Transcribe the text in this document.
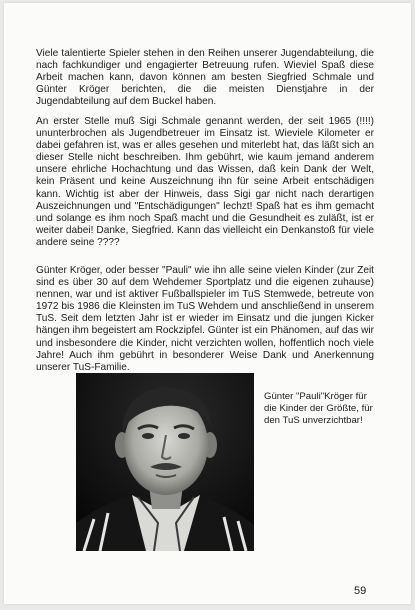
Viele talentierte Spieler stehen in den Reihen unserer Jugendabteilung, die nach fachkundiger und engagierter Betreuung rufen. Wieviel Spaß diese Arbeit machen kann, davon können am besten Siegfried Schmale und Günter Kröger berichten, die die meisten Dienstjahre in der Jugendabteilung auf dem Buckel haben.

An erster Stelle muß Sigi Schmale genannt werden, der seit 1965 (!!!!) ununterbrochen als Jugendbetreuer im Einsatz ist. Wieviele Kilometer er dabei gefahren ist, was er alles gesehen und miterlebt hat, das läßt sich an dieser Stelle nicht beschreiben. Ihm gebührt, wie kaum jemand anderem unsere ehrliche Hochachtung und das Wissen, daß kein Dank der Welt, kein Präsent und keine Auszeichnung ihn für seine Arbeit entschädigen kann. Wichtig ist aber der Hinweis, dass Sigi gar nicht nach derartigen Auszeichnungen und "Entschädigungen" lechzt! Spaß hat es ihm gemacht und solange es ihm noch Spaß macht und die Gesundheit es zuläßt, ist er weiter dabei! Danke, Siegfried. Kann das vielleicht ein Denkanstoß für viele andere seine ????

Günter Kröger, oder besser "Pauli" wie ihn alle seine vielen Kinder (zur Zeit sind es über 30 auf dem Wehdemer Sportplatz und die eigenen zuhause) nennen, war und ist aktiver Fußballspieler im TuS Stemwede, betreute von 1972 bis 1986 die Kleinsten im TuS Wehdem und anschließend in unserem TuS. Seit dem letzten Jahr ist er wieder im Einsatz und die jungen Kicker hängen ihm begeistert am Rockzipfel. Günter ist ein Phänomen, auf das wir und insbesondere die Kinder, nicht verzichten wollen, hoffentlich noch viele Jahre! Auch ihm gebührt in besonderer Weise Dank und Anerkennung unserer TuS-Familie.

Günter "Pauli"Kröger für die Kinder der Größte, für den TuS unverzichtbar!
59
